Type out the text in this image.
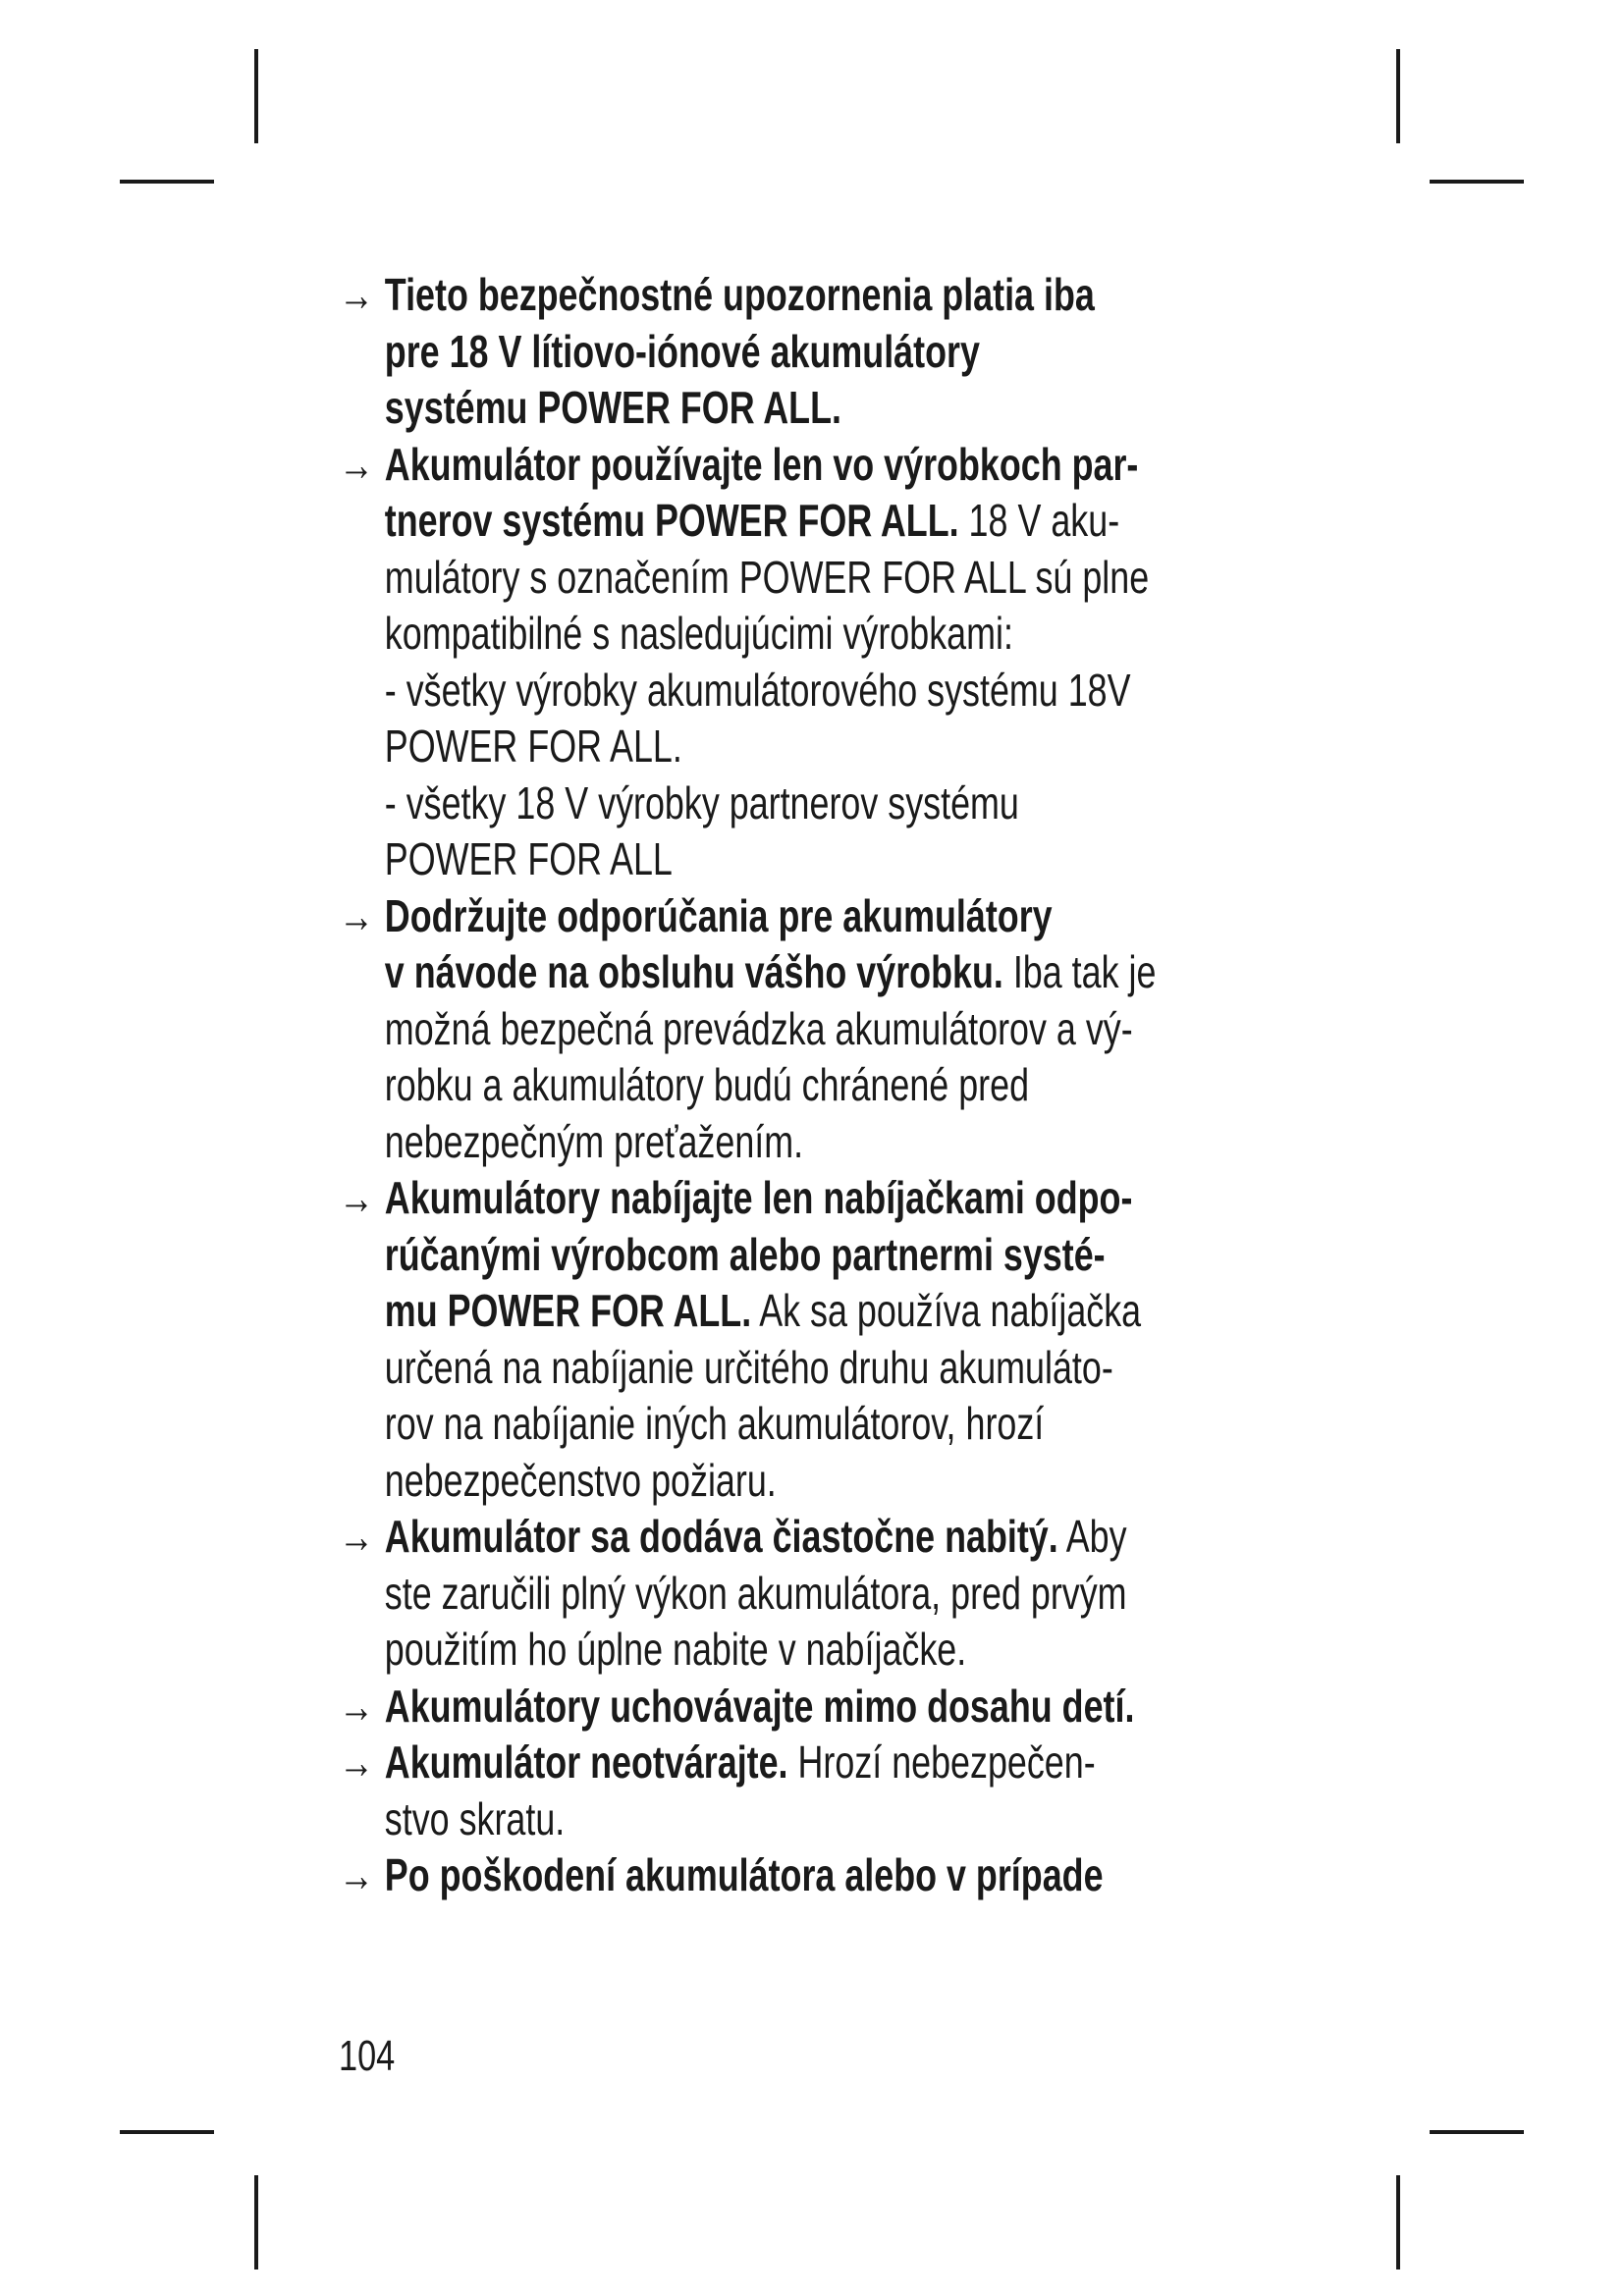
→ Tieto bezpečnostné upozornenia platia iba
pre 18 V lítiovo-iónové akumulátory
systému POWER FOR ALL.
→ Akumulátor používajte len vo výrobkoch par-
tnerov systému POWER FOR ALL. 18 V aku-
mulátory s označením POWER FOR ALL sú plne
kompatibilné s nasledujúcimi výrobkami:
- všetky výrobky akumulátorového systému 18V
POWER FOR ALL.
- všetky 18 V výrobky partnerov systému
POWER FOR ALL
→ Dodržujte odporúčania pre akumulátory
v návode na obsluhu vášho výrobku. Iba tak je
možná bezpečná prevádzka akumulátorov a vý-
robku a akumulátory budú chránené pred
nebezpečným preťažením.
→ Akumulátory nabíjajte len nabíjačkami odpo-
rúčanými výrobcom alebo partnermi systé-
mu POWER FOR ALL. Ak sa používa nabíjačka
určená na nabíjanie určitého druhu akumuláto-
rov na nabíjanie iných akumulátorov, hrozí
nebezpečenstvo požiaru.
→ Akumulátor sa dodáva čiastočne nabitý. Aby
ste zaručili plný výkon akumulátora, pred prvým
použitím ho úplne nabite v nabíjačke.
→ Akumulátory uchovávajte mimo dosahu detí.
→ Akumulátor neotvárajte. Hrozí nebezpečen-
stvo skratu.
→ Po poškodení akumulátora alebo v prípade
104
